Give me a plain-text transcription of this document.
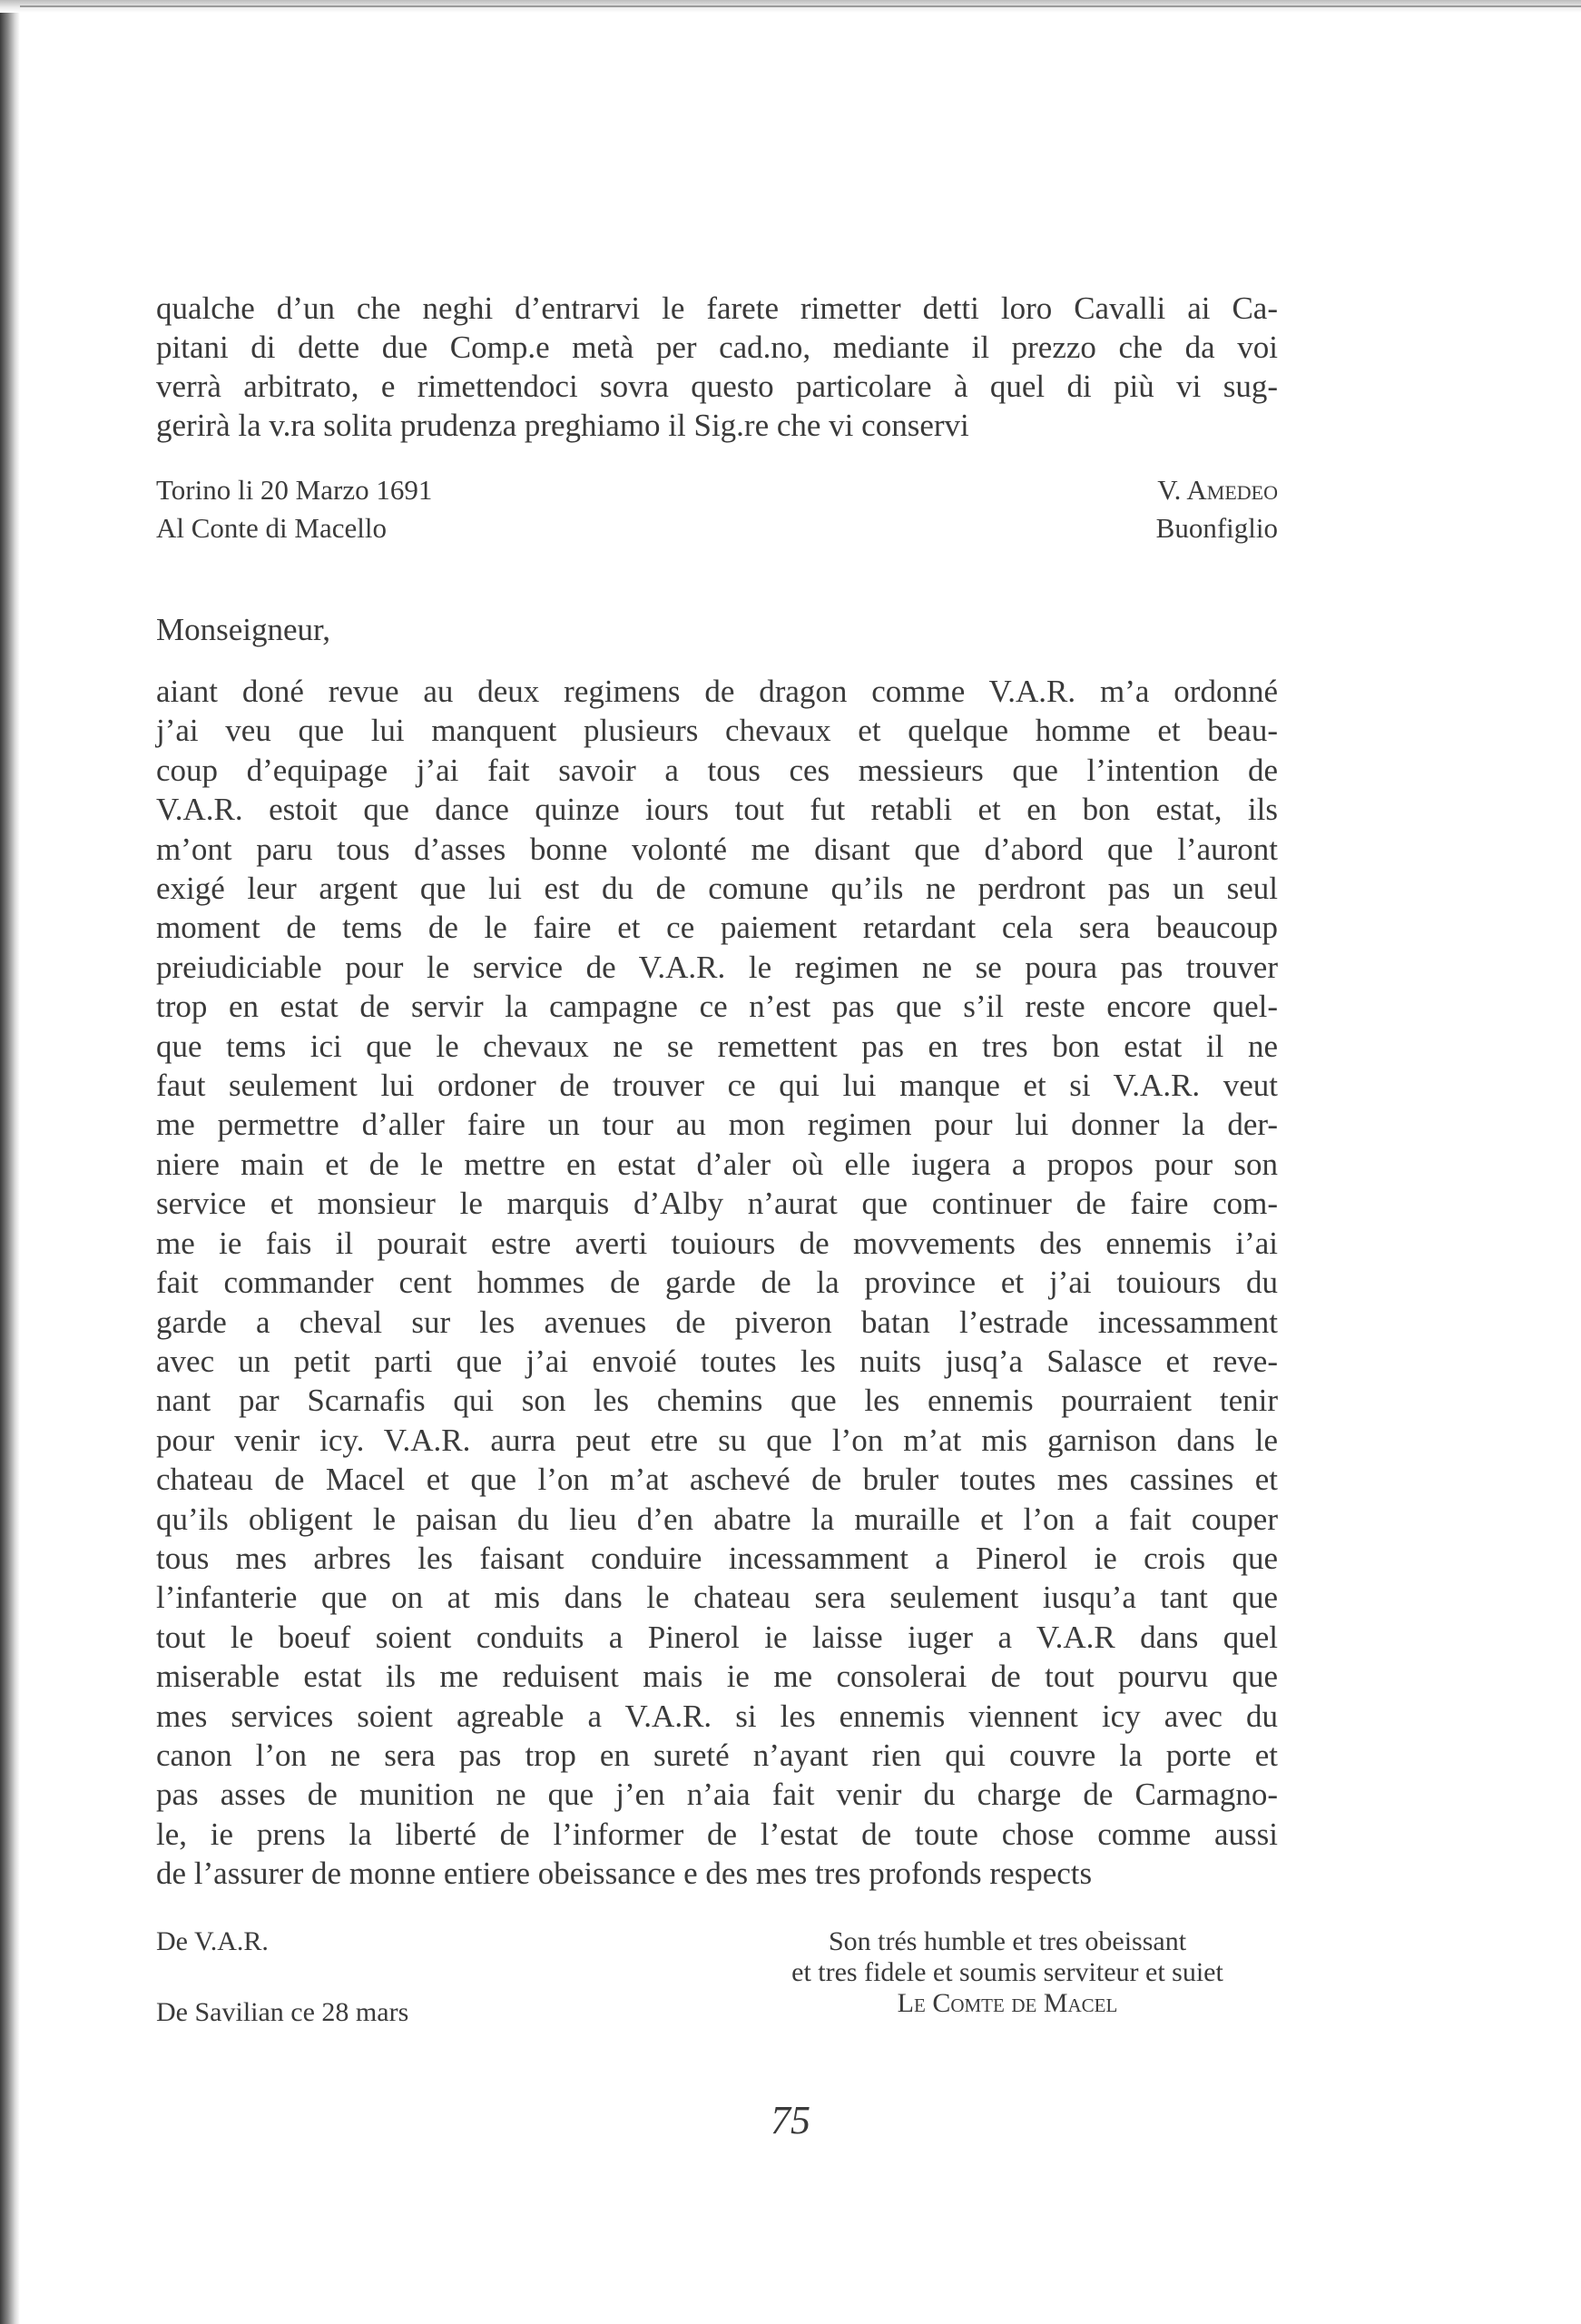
qualche d’un che neghi d’entrarvi le farete rimetter detti loro Cavalli ai Ca-
pitani di dette due Comp.e metà per cad.no, mediante il prezzo che da voi
verrà arbitrato, e rimettendoci sovra questo particolare à quel di più vi sug-
gerirà la v.ra solita prudenza preghiamo il Sig.re che vi conservi
Torino li 20 Marzo 1691	V. Amedeo
Al Conte di Macello	Buonfiglio
Monseigneur,
aiant doné revue au deux regimens de dragon comme V.A.R. m’a ordonné
j’ai veu que lui manquent plusieurs chevaux et quelque homme et beau-
coup d’equipage j’ai fait savoir a tous ces messieurs que l’intention de
V.A.R. estoit que dance quinze iours tout fut retabli et en bon estat, ils
m’ont paru tous d’asses bonne volonté me disant que d’abord que l’auront
exigé leur argent que lui est du de comune qu’ils ne perdront pas un seul
moment de tems de le faire et ce paiement retardant cela sera beaucoup
preiudiciable pour le service de V.A.R. le regimen ne se poura pas trouver
trop en estat de servir la campagne ce n’est pas que s’il reste encore quel-
que tems ici que le chevaux ne se remettent pas en tres bon estat il ne
faut seulement lui ordoner de trouver ce qui lui manque et si V.A.R. veut
me permettre d’aller faire un tour au mon regimen pour lui donner la der-
niere main et de le mettre en estat d’aler où elle iugera a propos pour son
service et monsieur le marquis d’Alby n’aurat que continuer de faire com-
me ie fais il pourait estre averti touiours de movvements des ennemis i’ai
fait commander cent hommes de garde de la province et j’ai touiours du
garde a cheval sur les avenues de piveron batan l’estrade incessamment
avec un petit parti que j’ai envoié toutes les nuits jusq’a Salasce et reve-
nant par Scarnafis qui son les chemins que les ennemis pourraient tenir
pour venir icy. V.A.R. aurra peut etre su que l’on m’at mis garnison dans le
chateau de Macel et que l’on m’at aschevé de bruler toutes mes cassines et
qu’ils obligent le paisan du lieu d’en abatre la muraille et l’on a fait couper
tous mes arbres les faisant conduire incessamment a Pinerol ie crois que
l’infanterie que on at mis dans le chateau sera seulement iusqu’a tant que
tout le boeuf soient conduits a Pinerol ie laisse iuger a V.A.R dans quel
miserable estat ils me reduisent mais ie me consolerai de tout pourvu que
mes services soient agreable a V.A.R. si les ennemis viennent icy avec du
canon l’on ne sera pas trop en sureté n’ayant rien qui couvre la porte et
pas asses de munition ne que j’en n’aia fait venir du charge de Carmagno-
le, ie prens la liberté de l’informer de l’estat de toute chose comme aussi
de l’assurer de monne entiere obeissance e des mes tres profonds respects
De V.A.R.
De Savilian ce 28 mars
Son trés humble et tres obeissant
et tres fidele et soumis serviteur et suiet
Le Comte de Macel
75
